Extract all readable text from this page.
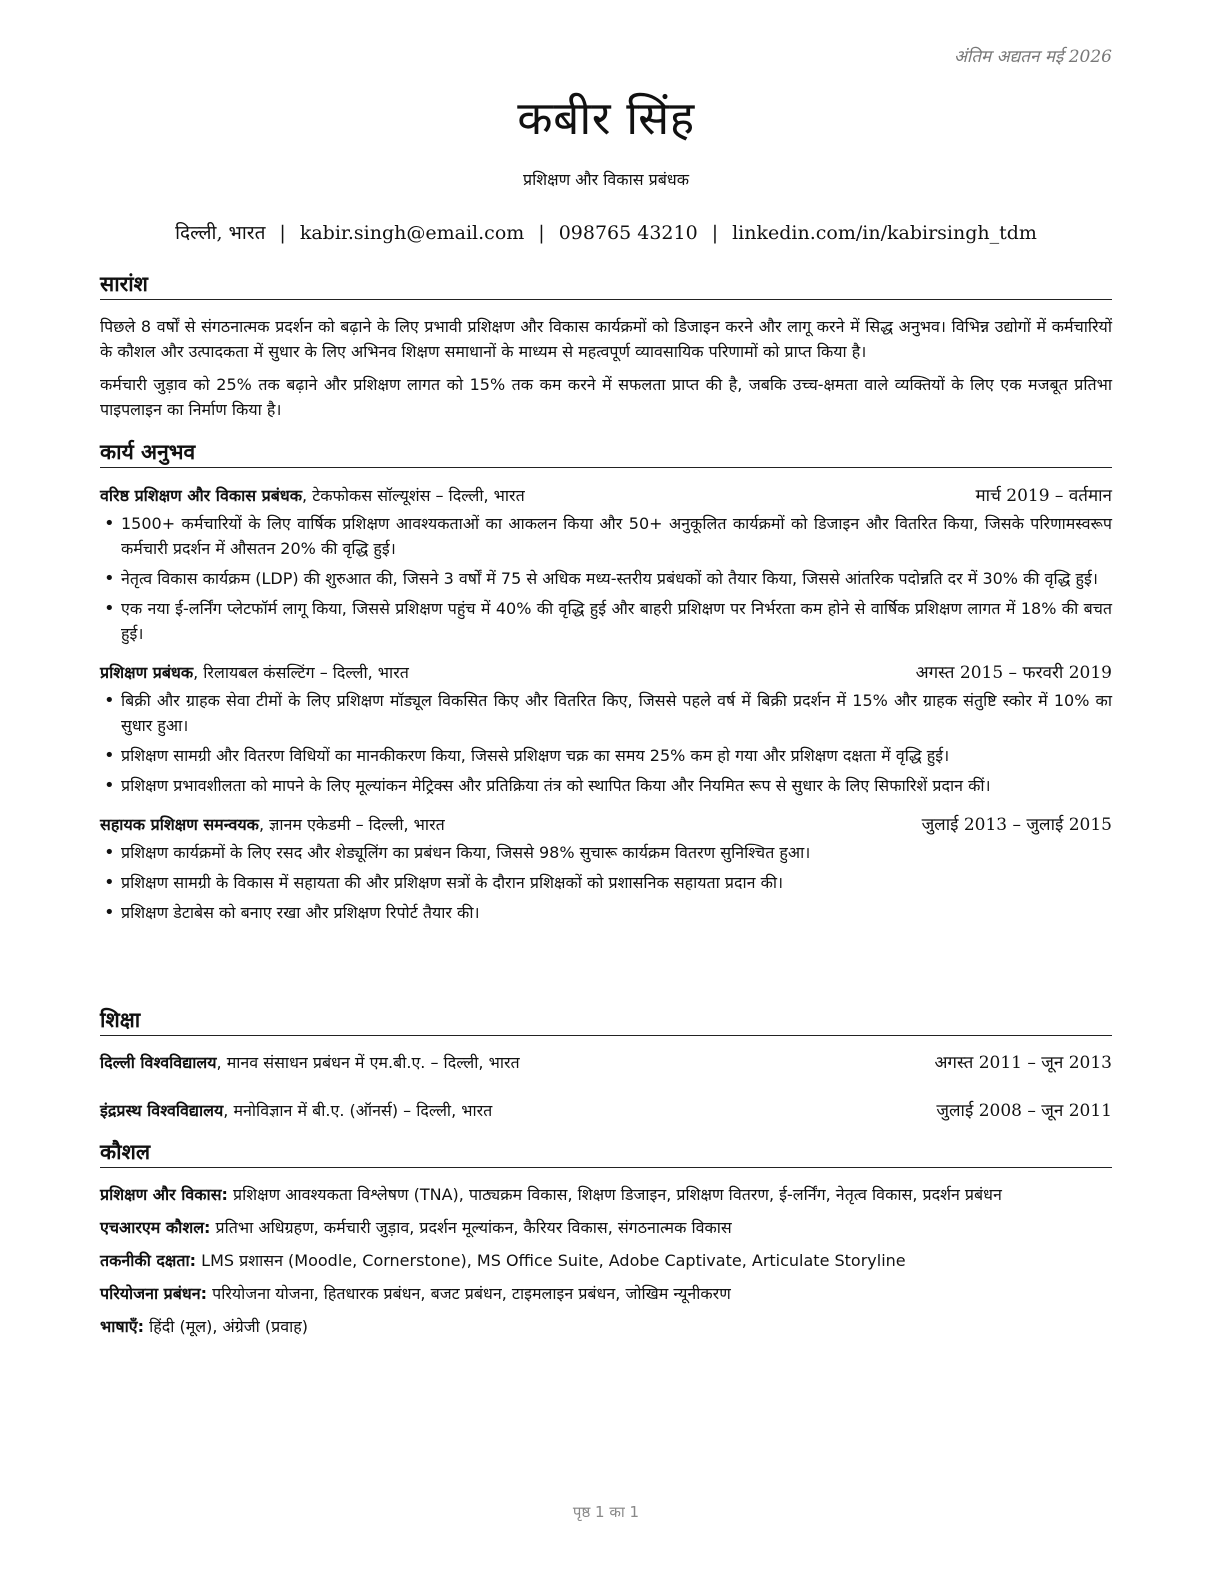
अंतिम अद्यतन मई 2026
कबीर सिंह
प्रशिक्षण और विकास प्रबंधक
दिल्ली, भारत | kabir.singh@email.com | 098765 43210 | linkedin.com/in/kabirsingh_tdm
सारांश

पिछले 8 वर्षों से संगठनात्मक प्रदर्शन को बढ़ाने के लिए प्रभावी प्रशिक्षण और विकास कार्यक्रमों को डिजाइन करने और लागू करने में सिद्ध अनुभव। विभिन्न उद्योगों में कर्मचारियों के कौशल और उत्पादकता में सुधार के लिए अभिनव शिक्षण समाधानों के माध्यम से महत्वपूर्ण व्यावसायिक परिणामों को प्राप्त किया है।

कर्मचारी जुड़ाव को 25% तक बढ़ाने और प्रशिक्षण लागत को 15% तक कम करने में सफलता प्राप्त की है, जबकि उच्च-क्षमता वाले व्यक्तियों के लिए एक मजबूत प्रतिभा पाइपलाइन का निर्माण किया है।

कार्य अनुभव
वरिष्ठ प्रशिक्षण और विकास प्रबंधक, टेकफोकस सॉल्यूशंस – दिल्ली, भारत	मार्च 2019 – वर्तमान
• 1500+ कर्मचारियों के लिए वार्षिक प्रशिक्षण आवश्यकताओं का आकलन किया और 50+ अनुकूलित कार्यक्रमों को डिजाइन और वितरित किया, जिसके परिणामस्वरूप कर्मचारी प्रदर्शन में औसतन 20% की वृद्धि हुई।
• नेतृत्व विकास कार्यक्रम (LDP) की शुरुआत की, जिसने 3 वर्षों में 75 से अधिक मध्य-स्तरीय प्रबंधकों को तैयार किया, जिससे आंतरिक पदोन्नति दर में 30% की वृद्धि हुई।
• एक नया ई-लर्निंग प्लेटफॉर्म लागू किया, जिससे प्रशिक्षण पहुंच में 40% की वृद्धि हुई और बाहरी प्रशिक्षण पर निर्भरता कम होने से वार्षिक प्रशिक्षण लागत में 18% की बचत हुई।
प्रशिक्षण प्रबंधक, रिलायबल कंसल्टिंग – दिल्ली, भारत	अगस्त 2015 – फरवरी 2019
• बिक्री और ग्राहक सेवा टीमों के लिए प्रशिक्षण मॉड्यूल विकसित किए और वितरित किए, जिससे पहले वर्ष में बिक्री प्रदर्शन में 15% और ग्राहक संतुष्टि स्कोर में 10% का सुधार हुआ।
• प्रशिक्षण सामग्री और वितरण विधियों का मानकीकरण किया, जिससे प्रशिक्षण चक्र का समय 25% कम हो गया और प्रशिक्षण दक्षता में वृद्धि हुई।
• प्रशिक्षण प्रभावशीलता को मापने के लिए मूल्यांकन मेट्रिक्स और प्रतिक्रिया तंत्र को स्थापित किया और नियमित रूप से सुधार के लिए सिफारिशें प्रदान कीं।
सहायक प्रशिक्षण समन्वयक, ज्ञानम एकेडमी – दिल्ली, भारत	जुलाई 2013 – जुलाई 2015
• प्रशिक्षण कार्यक्रमों के लिए रसद और शेड्यूलिंग का प्रबंधन किया, जिससे 98% सुचारू कार्यक्रम वितरण सुनिश्चित हुआ।
• प्रशिक्षण सामग्री के विकास में सहायता की और प्रशिक्षण सत्रों के दौरान प्रशिक्षकों को प्रशासनिक सहायता प्रदान की।
• प्रशिक्षण डेटाबेस को बनाए रखा और प्रशिक्षण रिपोर्ट तैयार की।
शिक्षा
दिल्ली विश्वविद्यालय, मानव संसाधन प्रबंधन में एम.बी.ए. – दिल्ली, भारत	अगस्त 2011 – जून 2013
इंद्रप्रस्थ विश्वविद्यालय, मनोविज्ञान में बी.ए. (ऑनर्स) – दिल्ली, भारत	जुलाई 2008 – जून 2011
कौशल

प्रशिक्षण और विकास: प्रशिक्षण आवश्यकता विश्लेषण (TNA), पाठ्यक्रम विकास, शिक्षण डिजाइन, प्रशिक्षण वितरण, ई-लर्निंग, नेतृत्व विकास, प्रदर्शन प्रबंधन

एचआरएम कौशल: प्रतिभा अधिग्रहण, कर्मचारी जुड़ाव, प्रदर्शन मूल्यांकन, कैरियर विकास, संगठनात्मक विकास

तकनीकी दक्षता: LMS प्रशासन (Moodle, Cornerstone), MS Office Suite, Adobe Captivate, Articulate Storyline

परियोजना प्रबंधन: परियोजना योजना, हितधारक प्रबंधन, बजट प्रबंधन, टाइमलाइन प्रबंधन, जोखिम न्यूनीकरण

भाषाएँ: हिंदी (मूल), अंग्रेजी (प्रवाह)

पृष्ठ 1 का 1
